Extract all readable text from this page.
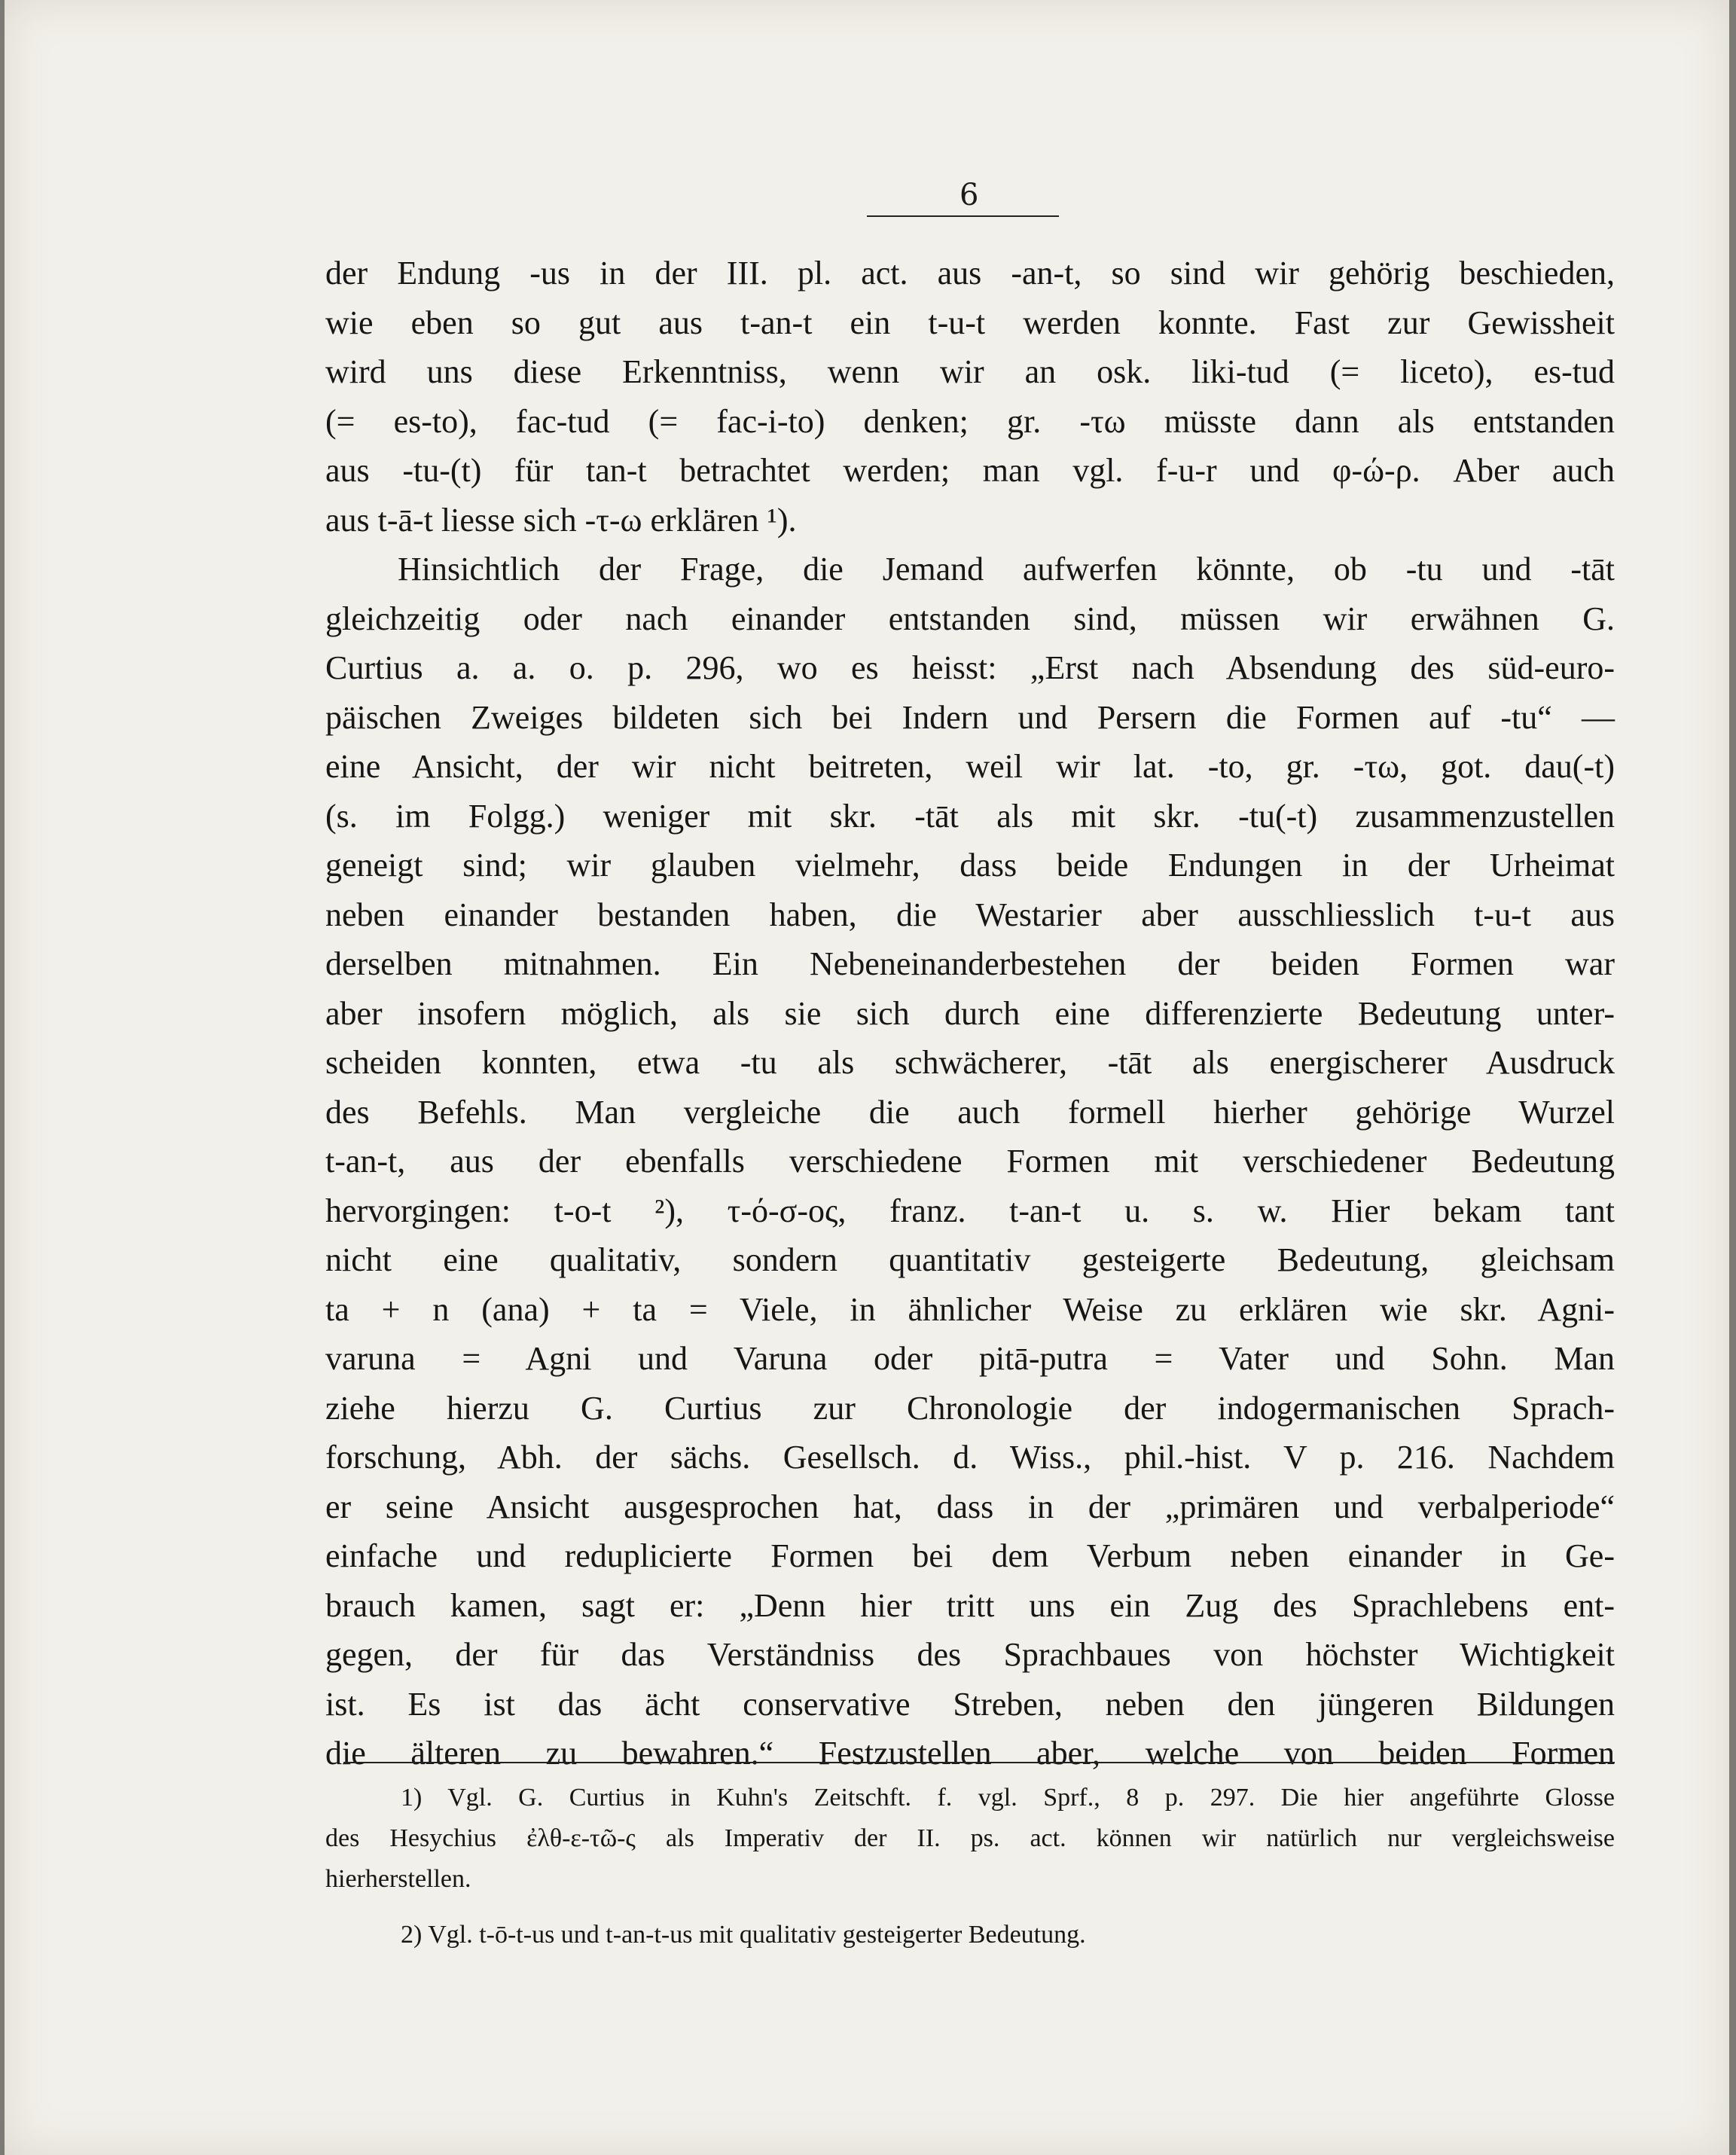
6
der Endung -us in der III. pl. act. aus -an-t, so sind wir gehörig beschieden,
wie eben so gut aus t-an-t ein t-u-t werden konnte. Fast zur Gewissheit
wird uns diese Erkenntniss, wenn wir an osk. liki-tud (= liceto), es-tud
(= es-to), fac-tud (= fac-i-to) denken; gr. -τω müsste dann als entstanden
aus -tu-(t) für tan-t betrachtet werden; man vgl. f-u-r und φ-ώ-ρ. Aber auch
aus t-ā-t liesse sich -τ-ω erklären ¹).
Hinsichtlich der Frage, die Jemand aufwerfen könnte, ob -tu und -tāt
gleichzeitig oder nach einander entstanden sind, müssen wir erwähnen G.
Curtius a. a. o. p. 296, wo es heisst: „Erst nach Absendung des süd-euro-
päischen Zweiges bildeten sich bei Indern und Persern die Formen auf -tu“ —
eine Ansicht, der wir nicht beitreten, weil wir lat. -to, gr. -τω, got. dau(-t)
(s. im Folgg.) weniger mit skr. -tāt als mit skr. -tu(-t) zusammenzustellen
geneigt sind; wir glauben vielmehr, dass beide Endungen in der Urheimat
neben einander bestanden haben, die Westarier aber ausschliesslich t-u-t aus
derselben mitnahmen. Ein Nebeneinanderbestehen der beiden Formen war
aber insofern möglich, als sie sich durch eine differenzierte Bedeutung unter-
scheiden konnten, etwa -tu als schwächerer, -tāt als energischerer Ausdruck
des Befehls. Man vergleiche die auch formell hierher gehörige Wurzel
t-an-t, aus der ebenfalls verschiedene Formen mit verschiedener Bedeutung
hervorgingen: t-o-t ²), τ-ό-σ-ος, franz. t-an-t u. s. w. Hier bekam tant
nicht eine qualitativ, sondern quantitativ gesteigerte Bedeutung, gleichsam
ta + n (ana) + ta = Viele, in ähnlicher Weise zu erklären wie skr. Agni-
varuna = Agni und Varuna oder pitā-putra = Vater und Sohn. Man
ziehe hierzu G. Curtius zur Chronologie der indogermanischen Sprach-
forschung, Abh. der sächs. Gesellsch. d. Wiss., phil.-hist. V p. 216. Nachdem
er seine Ansicht ausgesprochen hat, dass in der „primären und verbalperiode“
einfache und reduplicierte Formen bei dem Verbum neben einander in Ge-
brauch kamen, sagt er: „Denn hier tritt uns ein Zug des Sprachlebens ent-
gegen, der für das Verständniss des Sprachbaues von höchster Wichtigkeit
ist. Es ist das ächt conservative Streben, neben den jüngeren Bildungen
die älteren zu bewahren.“ Festzustellen aber, welche von beiden Formen
1) Vgl. G. Curtius in Kuhn's Zeitschft. f. vgl. Sprf., 8 p. 297. Die hier angeführte Glosse
des Hesychius ἐλθ-ε-τῶ-ς als Imperativ der II. ps. act. können wir natürlich nur vergleichsweise
hierherstellen.
2) Vgl. t-ō-t-us und t-an-t-us mit qualitativ gesteigerter Bedeutung.
